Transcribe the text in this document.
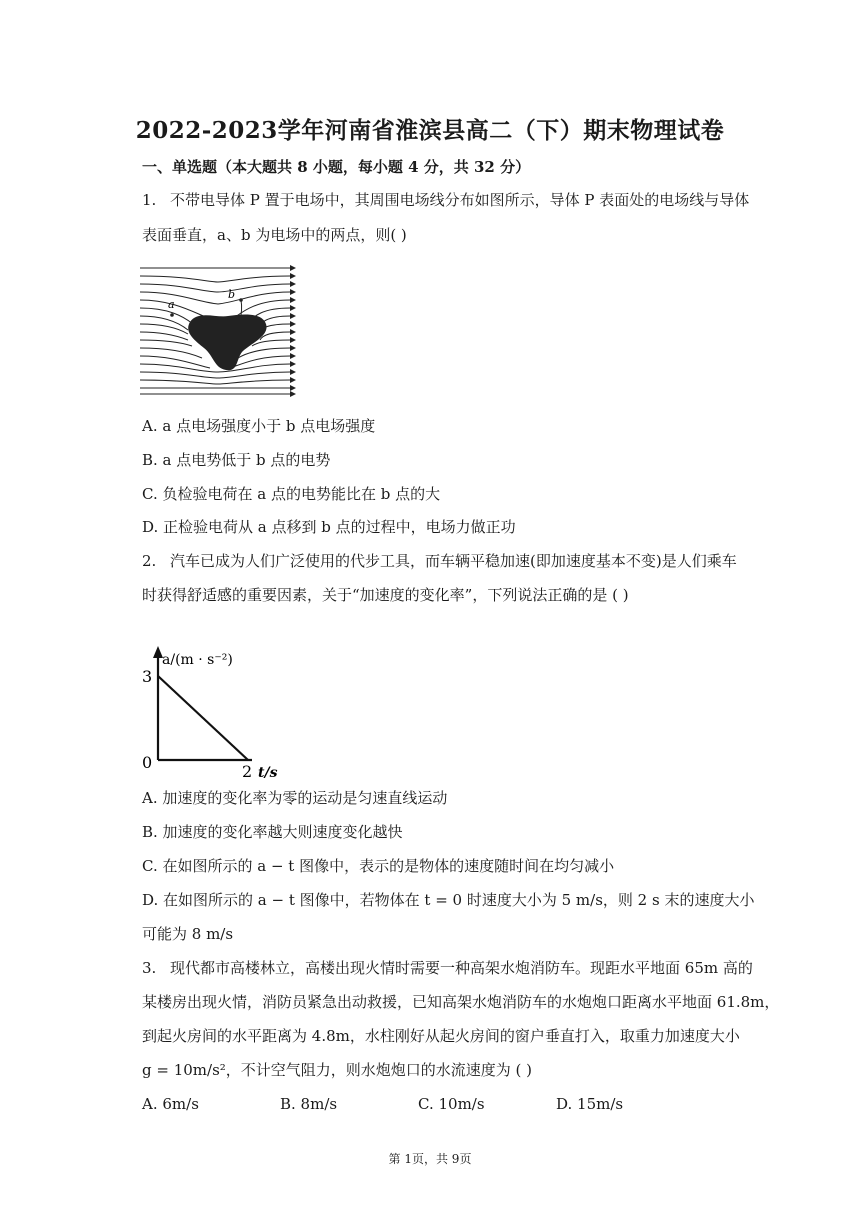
2022-2023学年河南省淮滨县高二（下）期末物理试卷
一、单选题（本大题共 8 小题，每小题 4 分，共 32 分）
1. 不带电导体 P 置于电场中，其周围电场线分布如图所示，导体 P 表面处的电场线与导体
表面垂直，a、b 为电场中的两点，则( )
a
b
A. a 点电场强度小于 b 点电场强度
B. a 点电势低于 b 点的电势
C. 负检验电荷在 a 点的电势能比在 b 点的大
D. 正检验电荷从 a 点移到 b 点的过程中，电场力做正功
2. 汽车已成为人们广泛使用的代步工具，而车辆平稳加速(即加速度基本不变)是人们乘车
时获得舒适感的重要因素，关于“加速度的变化率”，下列说法正确的是 ( )
a/(m · s⁻²)
3
0	2 t/s
A. 加速度的变化率为零的运动是匀速直线运动
B. 加速度的变化率越大则速度变化越快
C. 在如图所示的 a − t 图像中，表示的是物体的速度随时间在均匀减小
D. 在如图所示的 a − t 图像中，若物体在 t = 0 时速度大小为 5 m/s，则 2 s 末的速度大小
可能为 8 m/s
3. 现代都市高楼林立，高楼出现火情时需要一种高架水炮消防车。现距水平地面 65m 高的
某楼房出现火情，消防员紧急出动救援，已知高架水炮消防车的水炮炮口距离水平地面 61.8m，
到起火房间的水平距离为 4.8m，水柱刚好从起火房间的窗户垂直打入，取重力加速度大小
g = 10m/s²，不计空气阻力，则水炮炮口的水流速度为 ( )
A. 6m/s	B. 8m/s	C. 10m/s	D. 15m/s
第 1页，共 9页
